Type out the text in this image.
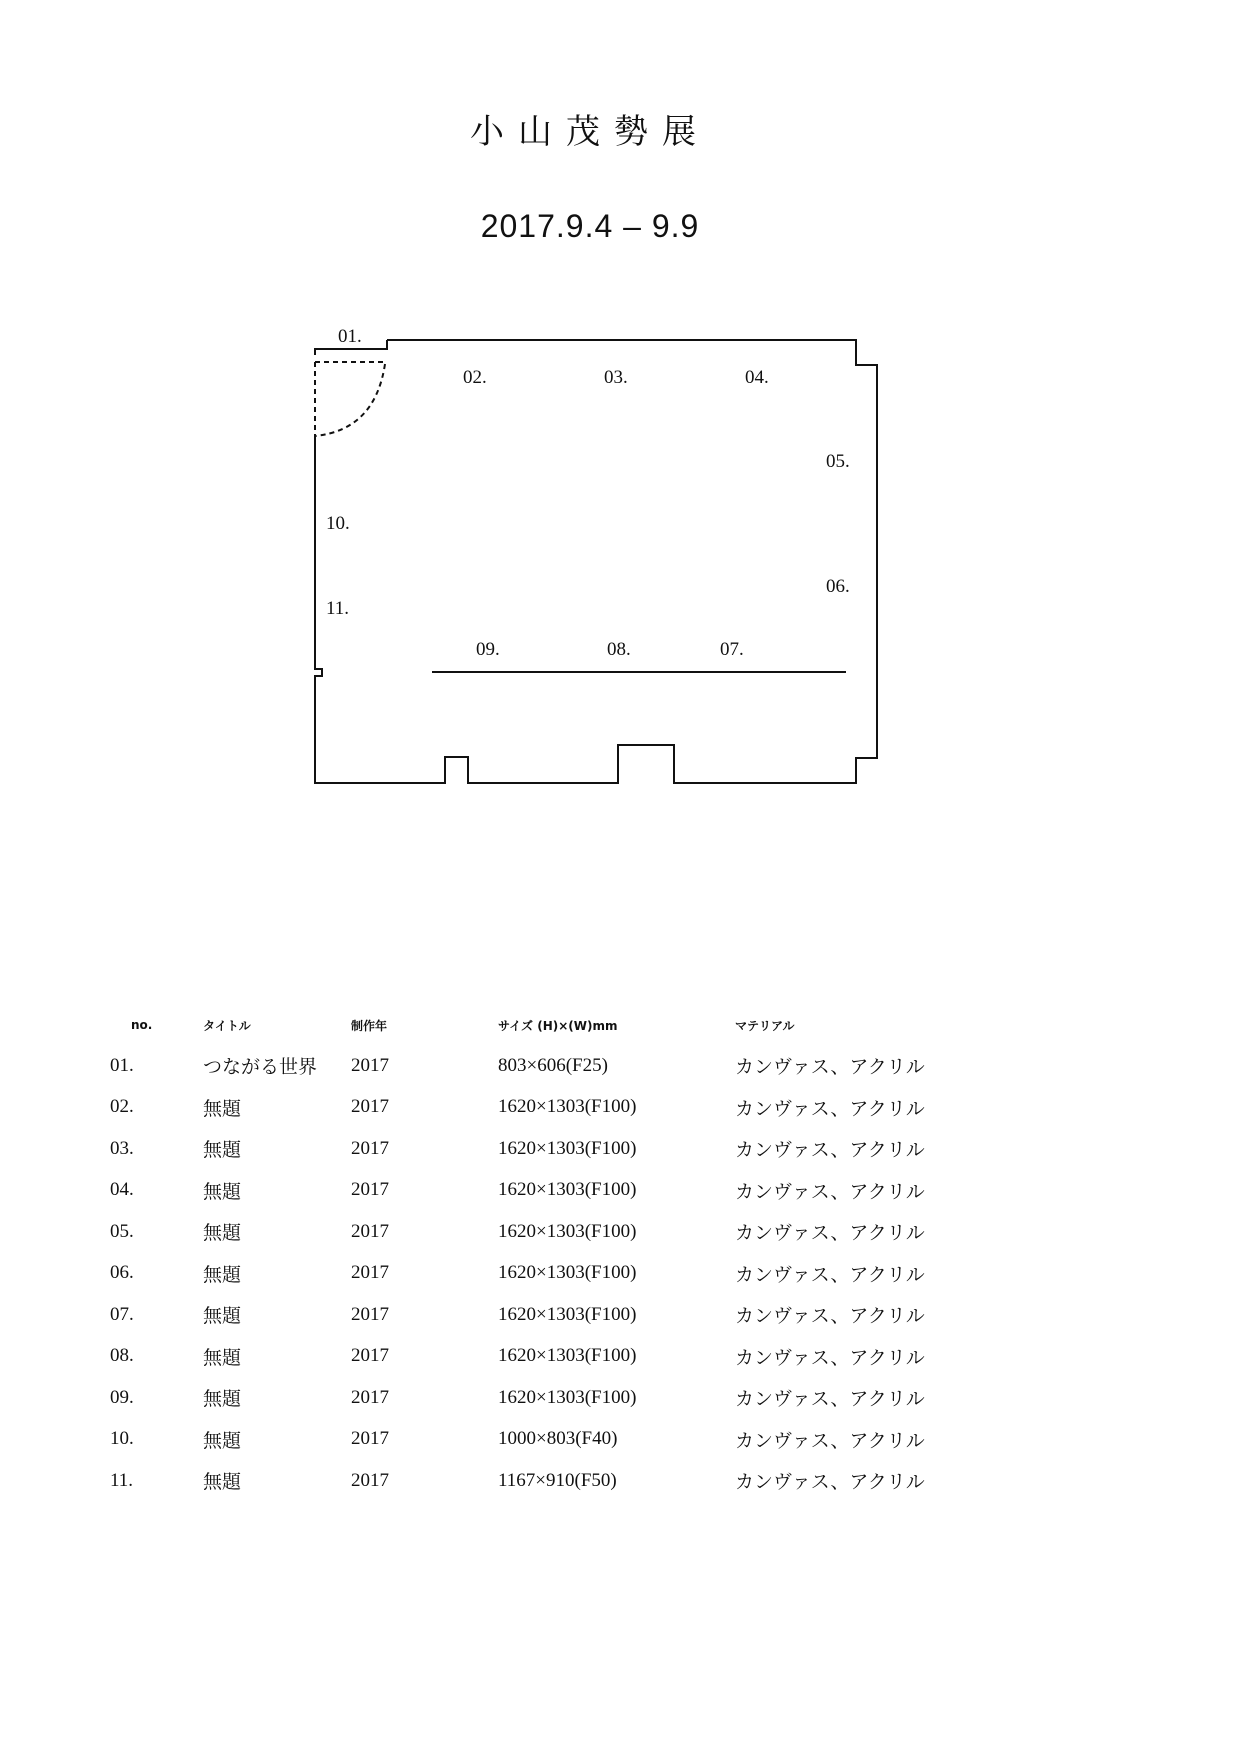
小山茂勢展
2017.9.4 – 9.9
01.
02.	03.	04.
05.
06.
07.
08.
09.
10.
11.
no.	タイトル	制作年	サイズ (H)×(W)mm	マテリアル
01.	つながる世界	2017	803×606(F25)	カンヴァス、アクリル
02.	無題	2017	1620×1303(F100)	カンヴァス、アクリル
03.	無題	2017	1620×1303(F100)	カンヴァス、アクリル
04.	無題	2017	1620×1303(F100)	カンヴァス、アクリル
05.	無題	2017	1620×1303(F100)	カンヴァス、アクリル
06.	無題	2017	1620×1303(F100)	カンヴァス、アクリル
07.	無題	2017	1620×1303(F100)	カンヴァス、アクリル
08.	無題	2017	1620×1303(F100)	カンヴァス、アクリル
09.	無題	2017	1620×1303(F100)	カンヴァス、アクリル
10.	無題	2017	1000×803(F40)	カンヴァス、アクリル
11.	無題	2017	1167×910(F50)	カンヴァス、アクリル
